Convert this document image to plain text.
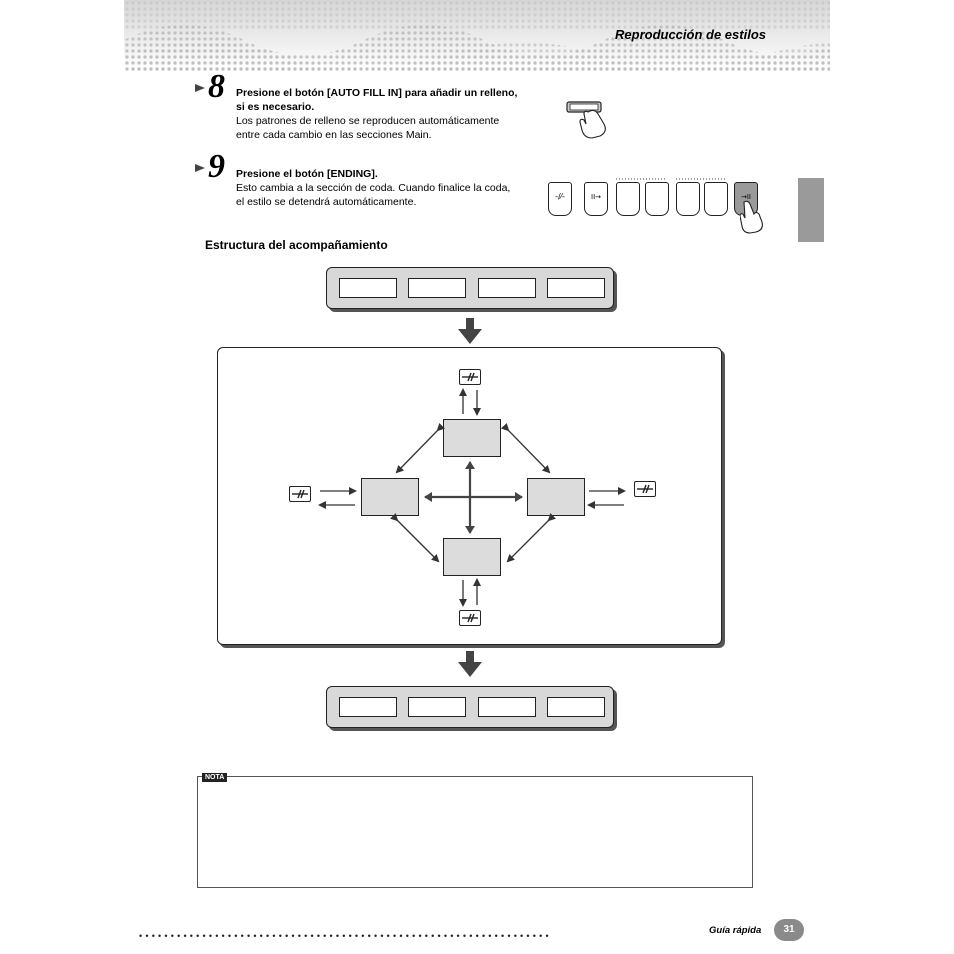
Reproducción de estilos
8 Presione el botón [AUTO FILL IN] para añadir un relleno,
si es necesario.
Los patrones de relleno se reproducen automáticamente
entre cada cambio en las secciones Main.
9 Presione el botón [ENDING].
Esto cambia a la sección de coda. Cuando finalice la coda,
el estilo se detendrá automáticamente.	-/⁄-	II→	→II
Estructura del acompañamiento
NOTA
•••••••••••••••••••••••••••••••••••••••••••••••••••••••••••••••••	Guía rápida	31
